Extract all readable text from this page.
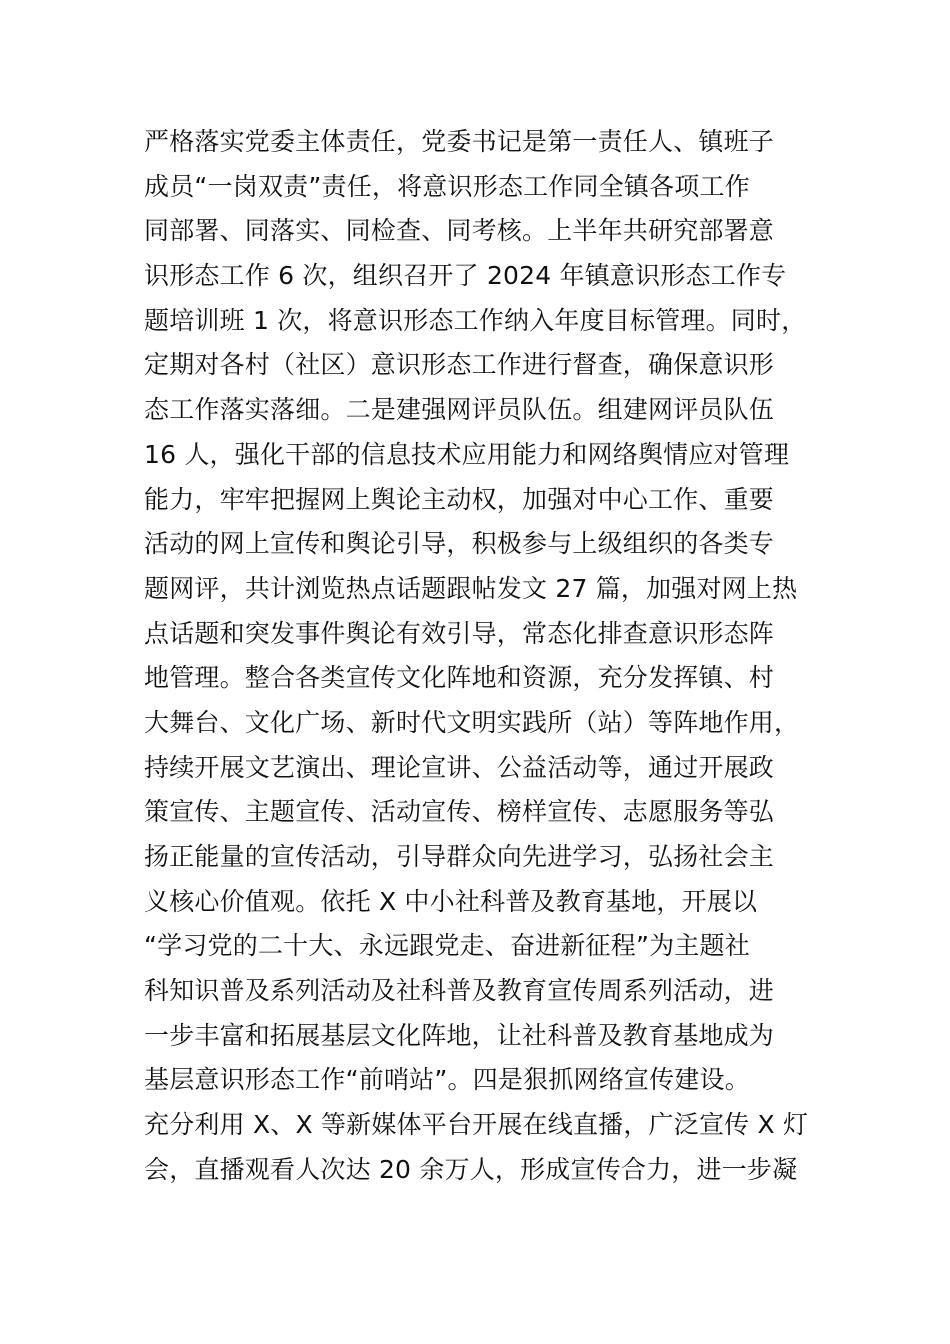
严格落实党委主体责任，党委书记是第一责任人、镇班子
成员“一岗双责”责任，将意识形态工作同全镇各项工作
同部署、同落实、同检查、同考核。上半年共研究部署意
识形态工作 6 次，组织召开了 2024 年镇意识形态工作专
题培训班 1 次，将意识形态工作纳入年度目标管理。同时，
定期对各村（社区）意识形态工作进行督查，确保意识形
态工作落实落细。二是建强网评员队伍。组建网评员队伍
16 人，强化干部的信息技术应用能力和网络舆情应对管理
能力，牢牢把握网上舆论主动权，加强对中心工作、重要
活动的网上宣传和舆论引导，积极参与上级组织的各类专
题网评，共计浏览热点话题跟帖发文 27 篇，加强对网上热
点话题和突发事件舆论有效引导，常态化排查意识形态阵
地管理。整合各类宣传文化阵地和资源，充分发挥镇、村
大舞台、文化广场、新时代文明实践所（站）等阵地作用，
持续开展文艺演出、理论宣讲、公益活动等，通过开展政
策宣传、主题宣传、活动宣传、榜样宣传、志愿服务等弘
扬正能量的宣传活动，引导群众向先进学习，弘扬社会主
义核心价值观。依托 X 中小社科普及教育基地，开展以
“学习党的二十大、永远跟党走、奋进新征程”为主题社
科知识普及系列活动及社科普及教育宣传周系列活动，进
一步丰富和拓展基层文化阵地，让社科普及教育基地成为
基层意识形态工作“前哨站”。四是狠抓网络宣传建设。
充分利用 X、X 等新媒体平台开展在线直播，广泛宣传 X 灯
会，直播观看人次达 20 余万人，形成宣传合力，进一步凝
